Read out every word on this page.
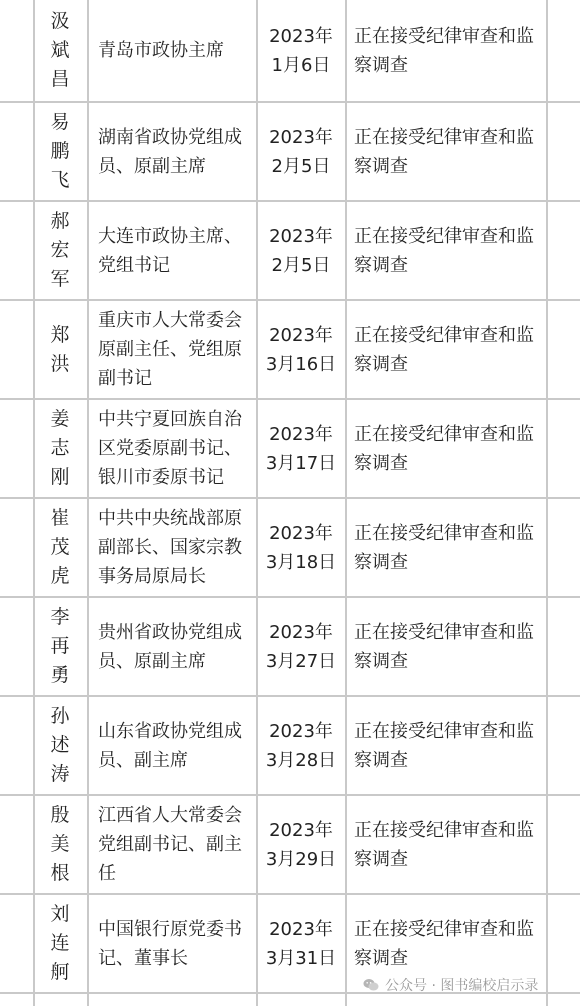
汲斌昌
青岛市政协主席
2023年1月6日
正在接受纪律审查和监察调查
易鹏飞
湖南省政协党组成员、原副主席
2023年2月5日
正在接受纪律审查和监察调查
郝宏军
大连市政协主席、党组书记
2023年2月5日
正在接受纪律审查和监察调查
郑洪
重庆市人大常委会原副主任、党组原副书记
2023年3月16日
正在接受纪律审查和监察调查
姜志刚
中共宁夏回族自治区党委原副书记、银川市委原书记
2023年3月17日
正在接受纪律审查和监察调查
崔茂虎
中共中央统战部原副部长、国家宗教事务局原局长
2023年3月18日
正在接受纪律审查和监察调查
李再勇
贵州省政协党组成员、原副主席
2023年3月27日
正在接受纪律审查和监察调查
孙述涛
山东省政协党组成员、副主席
2023年3月28日
正在接受纪律审查和监察调查
殷美根
江西省人大常委会党组副书记、副主任
2023年3月29日
正在接受纪律审查和监察调查
刘连舸
中国银行原党委书记、董事长
2023年3月31日
正在接受纪律审查和监察调查
公众号 · 图书编校启示录
